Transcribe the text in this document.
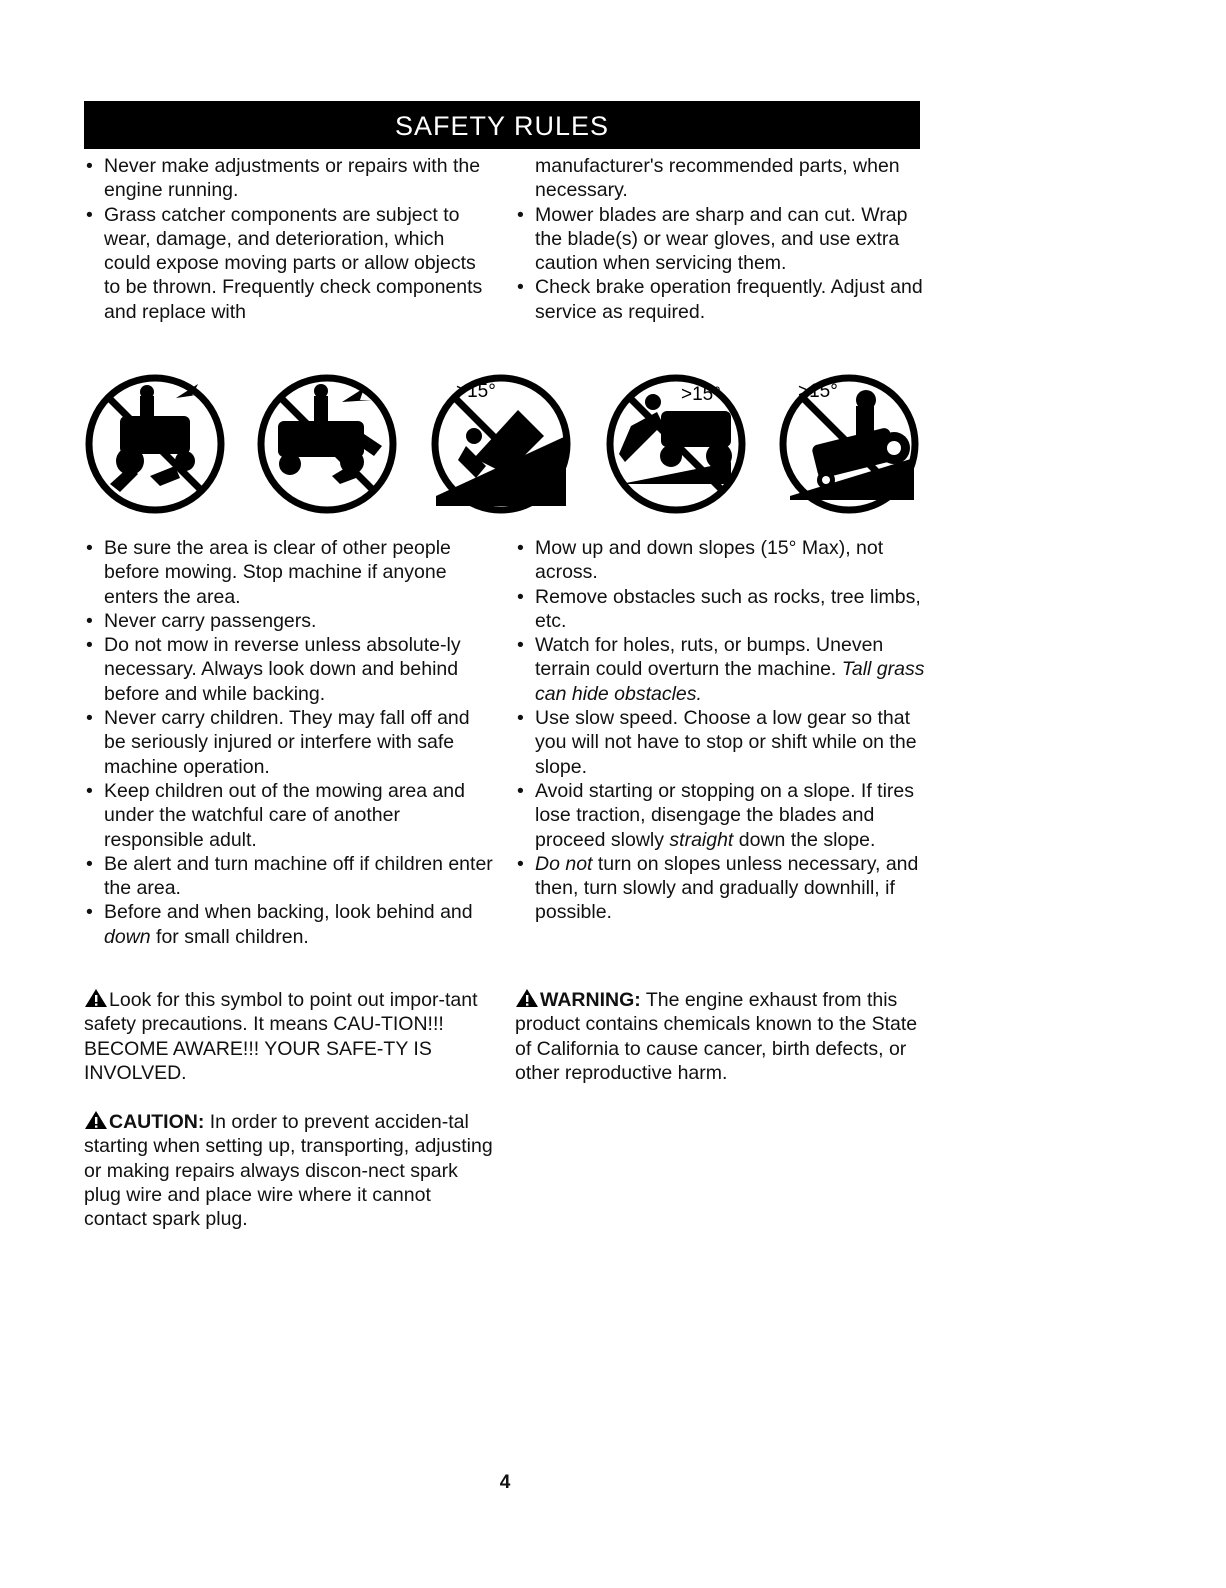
SAFETY RULES
• Never make adjustments or repairs with the engine running.
• Grass catcher components are subject to wear, damage, and deterioration, which could expose moving parts or allow objects to be thrown. Frequently check components and replace with
manufacturer's recommended parts, when necessary.
• Mower blades are sharp and can cut. Wrap the blade(s) or wear gloves, and use extra caution when servicing them.
• Check brake operation frequently. Adjust and service as required.
>15°	>15°	>15°
• Be sure the area is clear of other people before mowing. Stop machine if anyone enters the area.
• Never carry passengers.
• Do not mow in reverse unless absolute-ly necessary. Always look down and behind before and while backing.
• Never carry children. They may fall off and be seriously injured or interfere with safe machine operation.
• Keep children out of the mowing area and under the watchful care of another responsible adult.
• Be alert and turn machine off if children enter the area.
• Before and when backing, look behind and down for small children.
• Mow up and down slopes (15° Max), not across.
• Remove obstacles such as rocks, tree limbs, etc.
• Watch for holes, ruts, or bumps. Uneven terrain could overturn the machine. Tall grass can hide obstacles.
• Use slow speed. Choose a low gear so that you will not have to stop or shift while on the slope.
• Avoid starting or stopping on a slope. If tires lose traction, disengage the blades and proceed slowly straight down the slope.
• Do not turn on slopes unless necessary, and then, turn slowly and gradually downhill, if possible.
Look for this symbol to point out impor-tant safety precautions. It means CAU-TION!!! BECOME AWARE!!! YOUR SAFE-TY IS INVOLVED.
CAUTION: In order to prevent acciden-tal starting when setting up, transporting, adjusting or making repairs always discon-nect spark plug wire and place wire where it cannot contact spark plug.
WARNING: The engine exhaust from this product contains chemicals known to the State of California to cause cancer, birth defects, or other reproductive harm.
4
